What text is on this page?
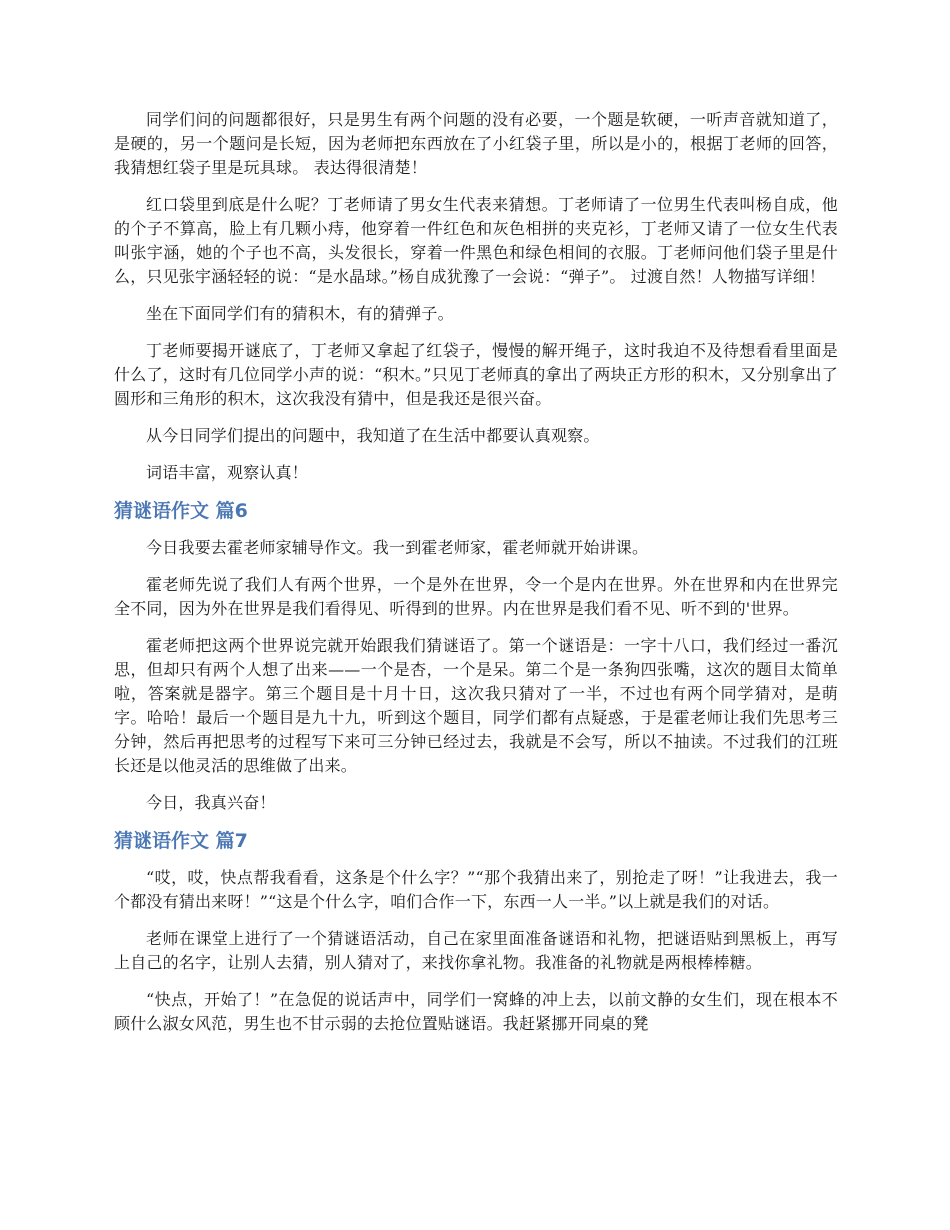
同学们问的问题都很好，只是男生有两个问题的没有必要，一个题是软硬，一听声音就知道了，是硬的，另一个题问是长短，因为老师把东西放在了小红袋子里，所以是小的，根据丁老师的回答，我猜想红袋子里是玩具球。 表达得很清楚！

红口袋里到底是什么呢？丁老师请了男女生代表来猜想。丁老师请了一位男生代表叫杨自成，他的个子不算高，脸上有几颗小痔，他穿着一件红色和灰色相拼的夹克衫，丁老师又请了一位女生代表叫张宇涵，她的个子也不高，头发很长，穿着一件黑色和绿色相间的衣服。丁老师问他们袋子里是什么，只见张宇涵轻轻的说：“是水晶球。”杨自成犹豫了一会说：“弹子”。 过渡自然！人物描写详细！

坐在下面同学们有的猜积木，有的猜弹子。

丁老师要揭开谜底了，丁老师又拿起了红袋子，慢慢的解开绳子，这时我迫不及待想看看里面是什么了，这时有几位同学小声的说：“积木。”只见丁老师真的拿出了两块正方形的积木，又分别拿出了圆形和三角形的积木，这次我没有猜中，但是我还是很兴奋。

从今日同学们提出的问题中，我知道了在生活中都要认真观察。

词语丰富，观察认真！

猜谜语作文 篇6

今日我要去霍老师家辅导作文。我一到霍老师家，霍老师就开始讲课。

霍老师先说了我们人有两个世界，一个是外在世界，令一个是内在世界。外在世界和内在世界完全不同，因为外在世界是我们看得见、听得到的世界。内在世界是我们看不见、听不到的'世界。

霍老师把这两个世界说完就开始跟我们猜谜语了。第一个谜语是：一字十八口，我们经过一番沉思，但却只有两个人想了出来——一个是杏，一个是呆。第二个是一条狗四张嘴，这次的题目太简单啦，答案就是器字。第三个题目是十月十日，这次我只猜对了一半，不过也有两个同学猜对，是萌字。哈哈！最后一个题目是九十九，听到这个题目，同学们都有点疑惑，于是霍老师让我们先思考三分钟，然后再把思考的过程写下来可三分钟已经过去，我就是不会写，所以不抽读。不过我们的江班长还是以他灵活的思维做了出来。

今日，我真兴奋！

猜谜语作文 篇7

“哎，哎，快点帮我看看，这条是个什么字？”“那个我猜出来了，别抢走了呀！”让我进去，我一个都没有猜出来呀！”“这是个什么字，咱们合作一下，东西一人一半。”以上就是我们的对话。

老师在课堂上进行了一个猜谜语活动，自己在家里面准备谜语和礼物，把谜语贴到黑板上，再写上自己的名字，让别人去猜，别人猜对了，来找你拿礼物。我准备的礼物就是两根棒棒糖。

“快点，开始了！”在急促的说话声中，同学们一窝蜂的冲上去，以前文静的女生们，现在根本不顾什么淑女风范，男生也不甘示弱的去抢位置贴谜语。我赶紧挪开同桌的凳
